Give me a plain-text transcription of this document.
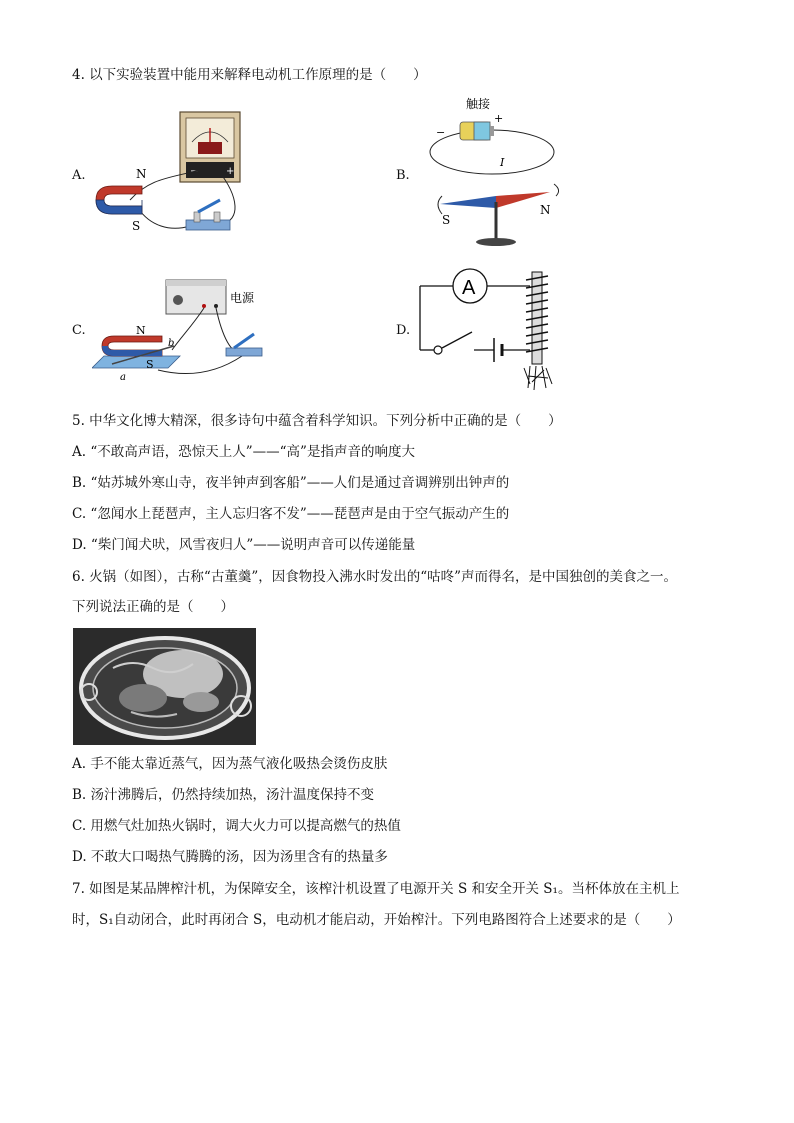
4. 以下实验装置中能用来解释电动机工作原理的是（　　）
A.	B.
C.	D.
−	+
N
S
触接
−
+
I
S
N
电源
N
S
b
a
A
5. 中华文化博大精深，很多诗句中蕴含着科学知识。下列分析中正确的是（　　）
A. “不敢高声语，恐惊天上人”——“高”是指声音的响度大
B. “姑苏城外寒山寺，夜半钟声到客船”——人们是通过音调辨别出钟声的
C. “忽闻水上琵琶声，主人忘归客不发”——琵琶声是由于空气振动产生的
D. “柴门闻犬吠，风雪夜归人”——说明声音可以传递能量
6. 火锅（如图），古称“古董羹”，因食物投入沸水时发出的“咕咚”声而得名，是中国独创的美食之一。
下列说法正确的是（　　）
A. 手不能太靠近蒸气，因为蒸气液化吸热会烫伤皮肤
B. 汤汁沸腾后，仍然持续加热，汤汁温度保持不变
C. 用燃气灶加热火锅时，调大火力可以提高燃气的热值
D. 不敢大口喝热气腾腾的汤，因为汤里含有的热量多
7. 如图是某品牌榨汁机，为保障安全，该榨汁机设置了电源开关 S 和安全开关 S₁。当杯体放在主机上
时，S₁自动闭合，此时再闭合 S，电动机才能启动，开始榨汁。下列电路图符合上述要求的是（　　）
